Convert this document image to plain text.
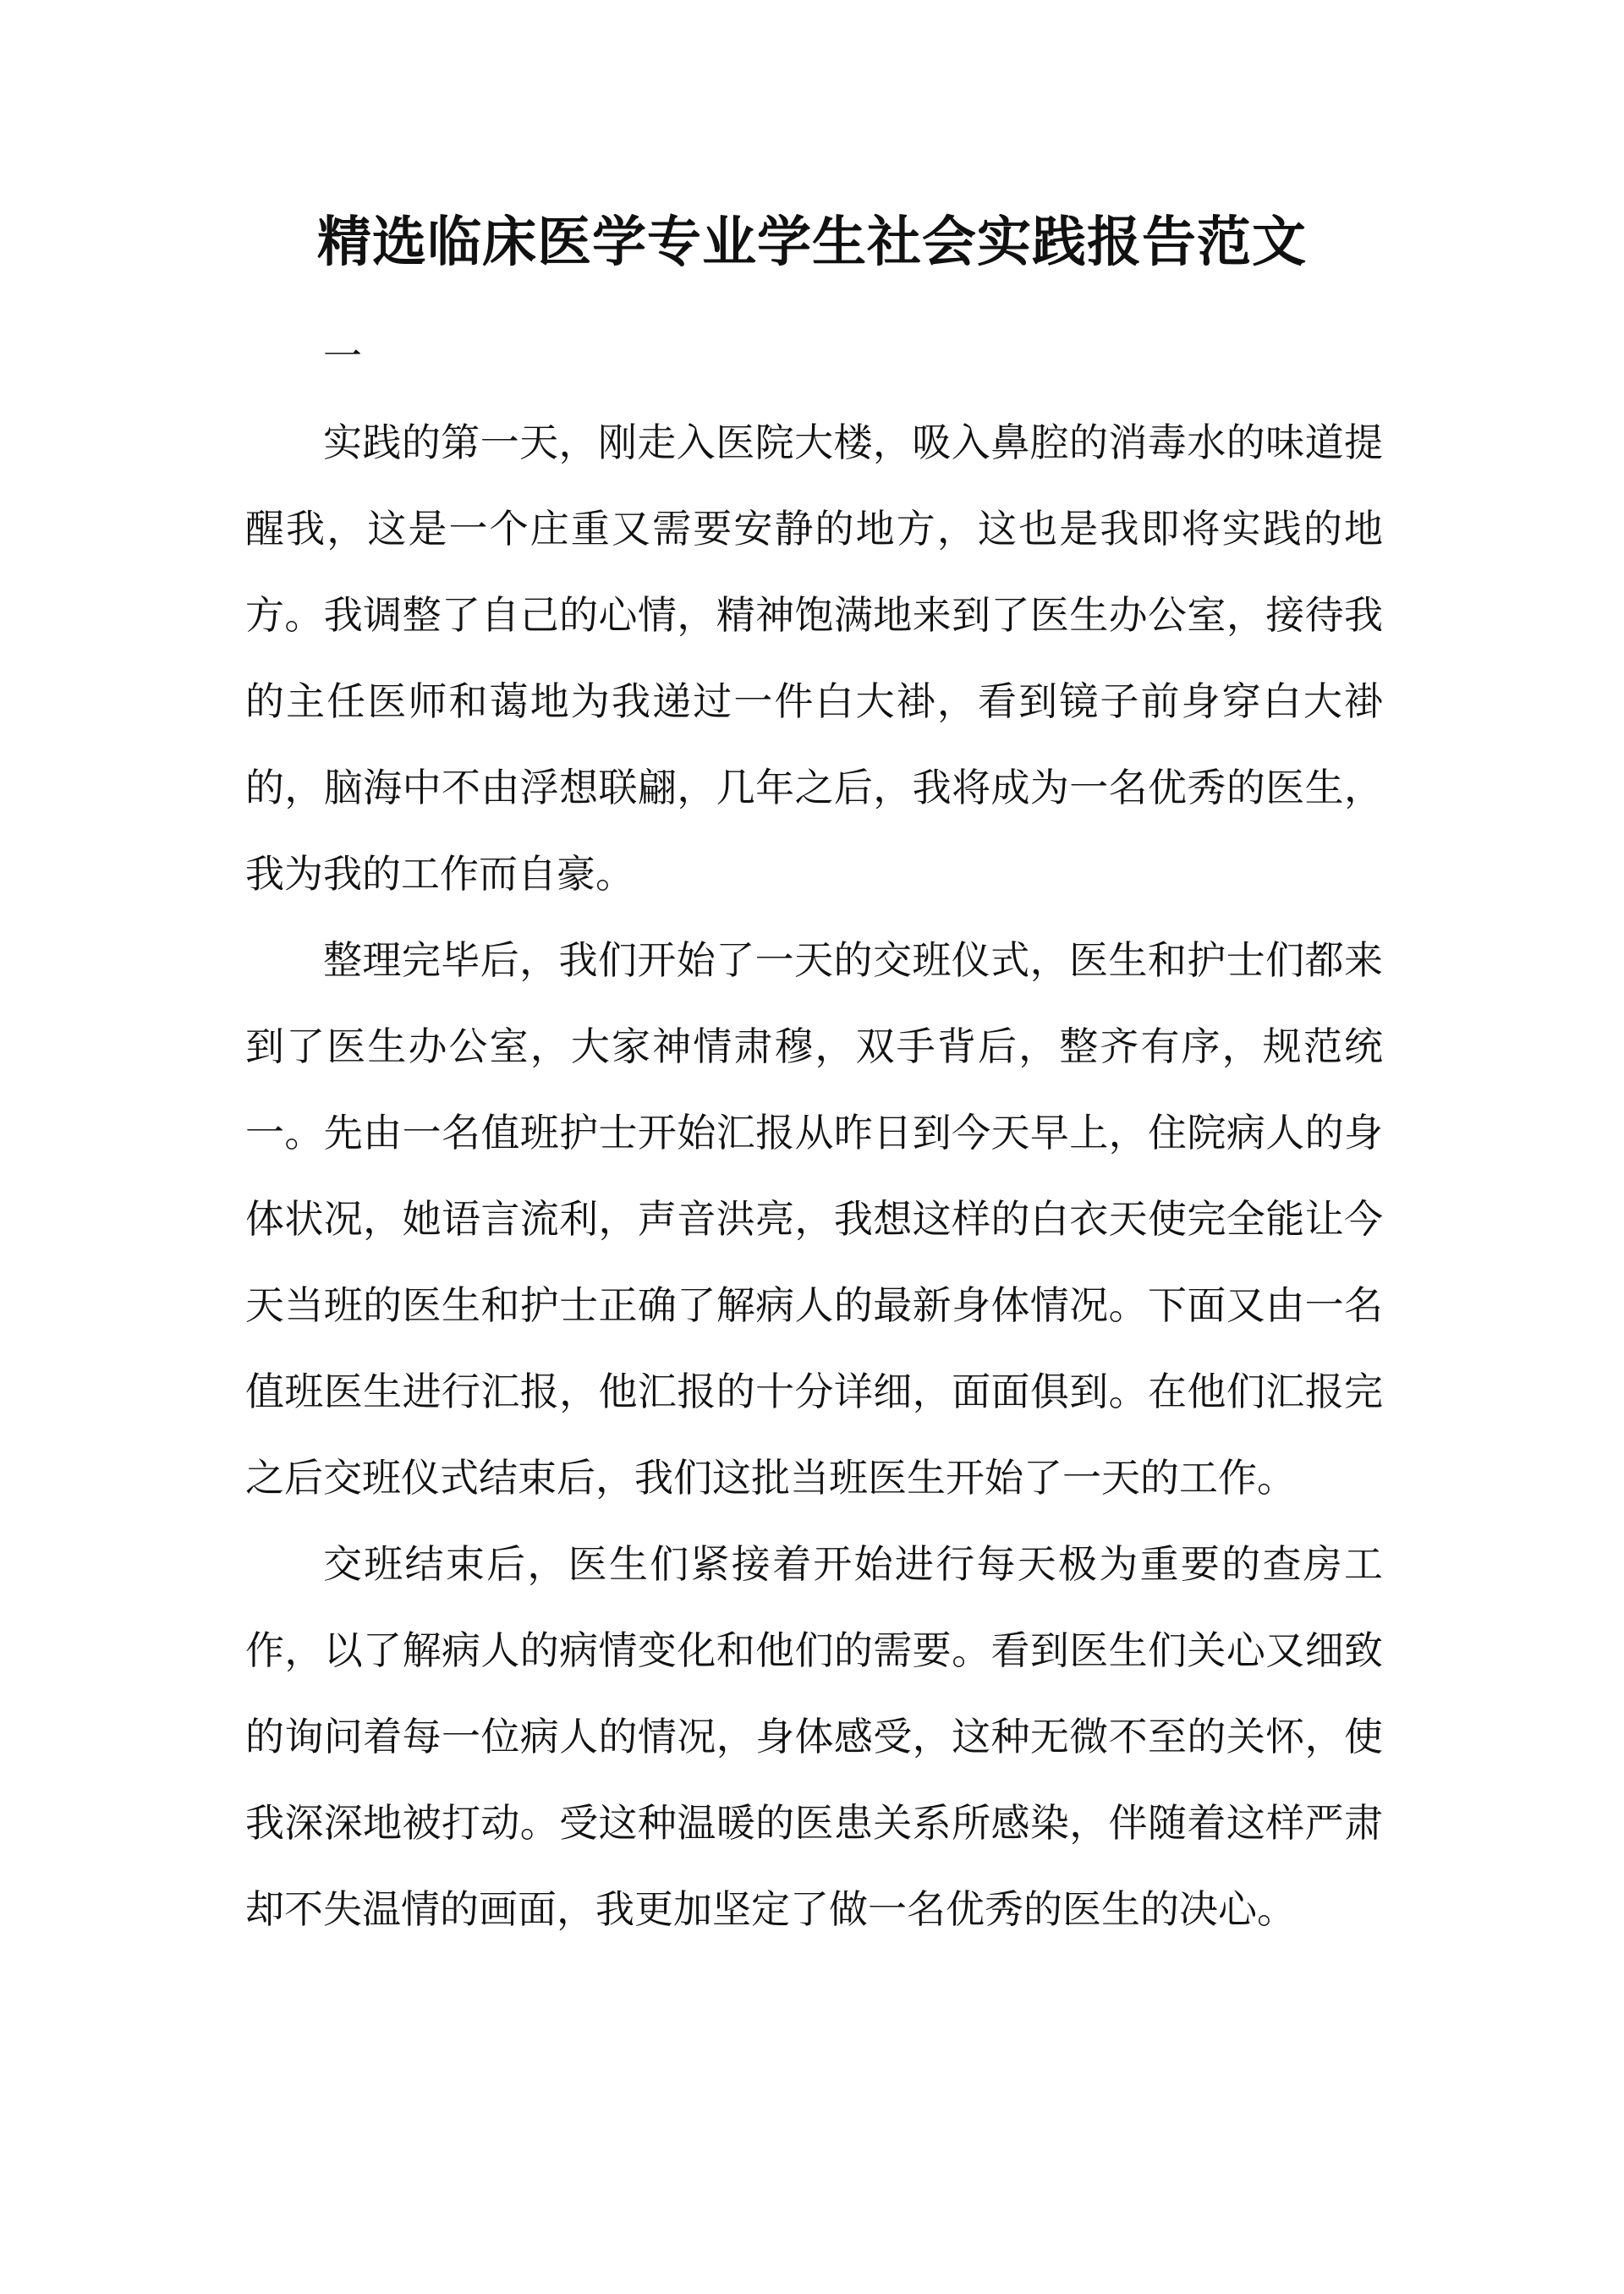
精选临床医学专业学生社会实践报告范文

一

实践的第一天，刚走入医院大楼，吸入鼻腔的消毒水的味道提醒我，这是一个庄重又需要安静的地方，这也是我即将实践的地方。我调整了自己的心情，精神饱满地来到了医生办公室，接待我的主任医师和蔼地为我递过一件白大褂，看到镜子前身穿白大褂的，脑海中不由浮想联翩，几年之后，我将成为一名优秀的医生，我为我的工作而自豪。

整理完毕后，我们开始了一天的交班仪式，医生和护士们都来到了医生办公室，大家神情肃穆，双手背后，整齐有序，规范统一。先由一名值班护士开始汇报从昨日到今天早上，住院病人的身体状况，她语言流利，声音洪亮，我想这样的白衣天使完全能让今天当班的医生和护士正确了解病人的最新身体情况。下面又由一名值班医生进行汇报，他汇报的十分详细，面面俱到。在他们汇报完之后交班仪式结束后，我们这批当班医生开始了一天的工作。

交班结束后，医生们紧接着开始进行每天极为重要的查房工作，以了解病人的病情变化和他们的需要。看到医生们关心又细致的询问着每一位病人的情况，身体感受，这种无微不至的关怀，使我深深地被打动。受这种温暖的医患关系所感染，伴随着这样严肃却不失温情的画面，我更加坚定了做一名优秀的医生的决心。
